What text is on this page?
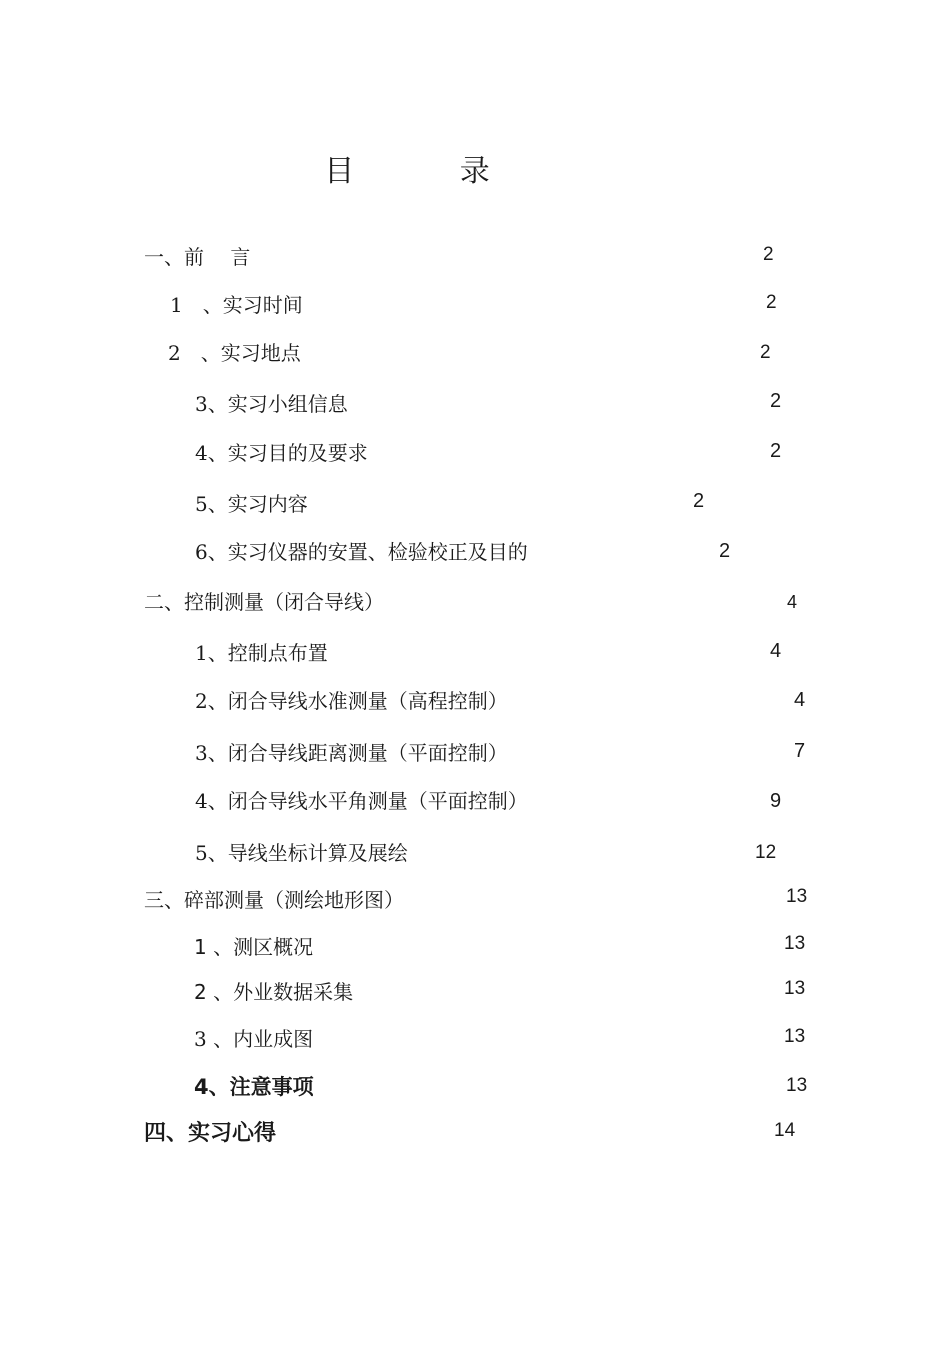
目 录
一、前　 言	2
1　、实习时间	2
2　、实习地点	2
3、实习小组信息	2
4、实习目的及要求	2
5、实习内容	2
6、实习仪器的安置、检验校正及目的	2
二、控制测量（闭合导线）	4
1、控制点布置	4
2、闭合导线水准测量（高程控制）	4
3、闭合导线距离测量（平面控制）	7
4、闭合导线水平角测量（平面控制）	9
5、导线坐标计算及展绘	12
三、碎部测量（测绘地形图）	13
1 、测区概况	13
2 、外业数据采集	13
3 、内业成图	13
4、注意事项	13
四、实习心得	14
